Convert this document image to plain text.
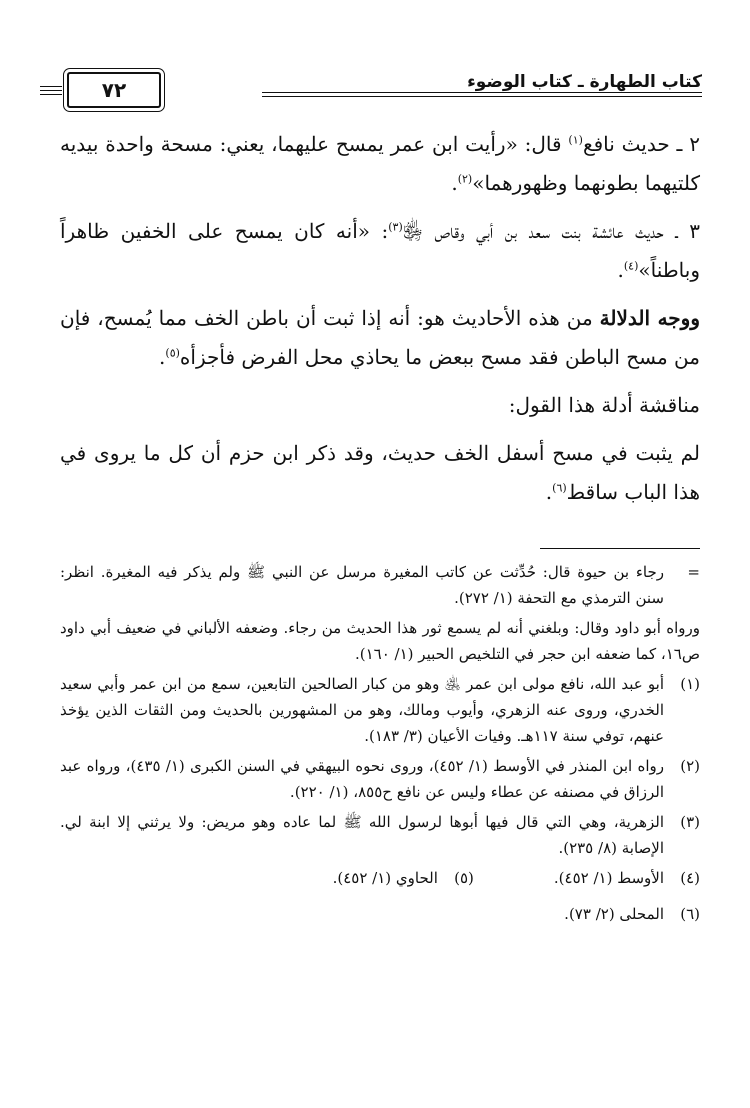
كتاب الطهارة ـ كتاب الوضوء
٧٢

٢ ـ حديث نافع$^{(١)}$ قال: «رأيت ابن عمر يمسح عليهما، يعني: مسحة واحدة بيديه كلتيهما بطونهما وظهورهما»$^{(٢)}$.

٣ ـ حديث عائشة بنت سعد بن أبي وقاص ﵂$^{(٣)}$: «أنه كان يمسح على الخفين ظاهراً وباطناً»$^{(٤)}$.

ووجه الدلالة من هذه الأحاديث هو: أنه إذا ثبت أن باطن الخف مما يُمسح، فإن من مسح الباطن فقد مسح ببعض ما يحاذي محل الفرض فأجزأه$^{(٥)}$.

مناقشة أدلة هذا القول:

لم يثبت في مسح أسفل الخف حديث، وقد ذكر ابن حزم أن كل ما يروى في هذا الباب ساقط$^{(٦)}$.

=
رجاء بن حيوة قال: حُدِّثت عن كاتب المغيرة مرسل عن النبي ﷺ ولم يذكر فيه المغيرة. انظر: سنن الترمذي مع التحفة (١/ ٢٧٢).
ورواه أبو داود وقال: وبلغني أنه لم يسمع ثور هذا الحديث من رجاء. وضعفه الألباني في ضعيف أبي داود ص١٦، كما ضعفه ابن حجر في التلخيص الحبير (١/ ١٦٠).
(١)
أبو عبد الله، نافع مولى ابن عمر ﵁ وهو من كبار الصالحين التابعين، سمع من ابن عمر وأبي سعيد الخدري، وروى عنه الزهري، وأيوب ومالك، وهو من المشهورين بالحديث ومن الثقات الذين يؤخذ عنهم، توفي سنة ١١٧هـ. وفيات الأعيان (٣/ ١٨٣).
(٢)
رواه ابن المنذر في الأوسط (١/ ٤٥٢)، وروى نحوه البيهقي في السنن الكبرى (١/ ٤٣٥)، ورواه عبد الرزاق في مصنفه عن عطاء وليس عن نافع ح٨٥٥، (١/ ٢٢٠).
(٣)
الزهرية، وهي التي قال فيها أبوها لرسول الله ﷺ لما عاده وهو مريض: ولا يرثني إلا ابنة لي. الإصابة (٨/ ٢٣٥).
(٤)
الأوسط (١/ ٤٥٢).
(٥)
الحاوي (١/ ٤٥٢).
(٦)
المحلى (٢/ ٧٣).
